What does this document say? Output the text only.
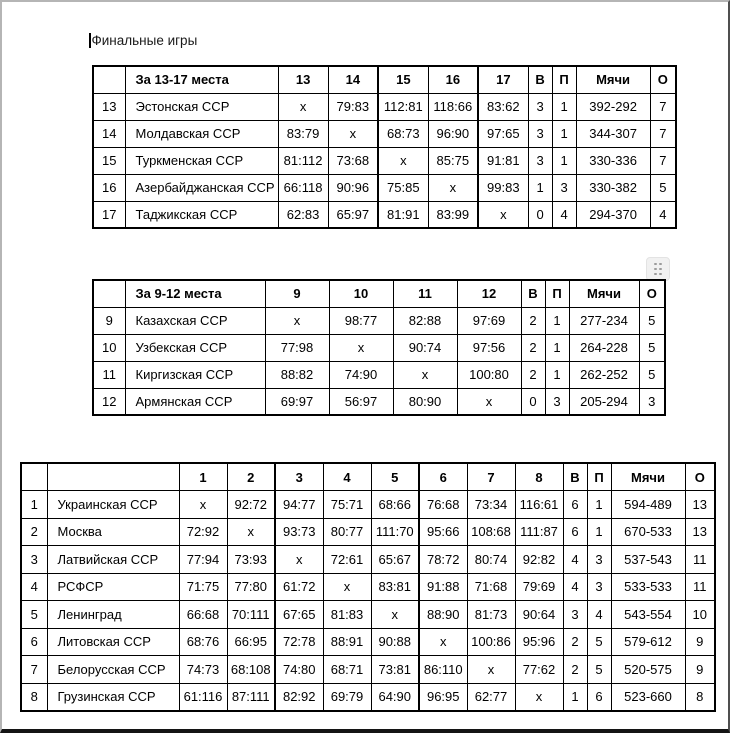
Финальные игры
	За 13-17 места	13	14	15	16	17	В	П	Мячи	О
13	Эстонская ССР	x	79:83	112:81	118:66	83:62	3	1	392-292	7
14	Молдавская ССР	83:79	x	68:73	96:90	97:65	3	1	344-307	7
15	Туркменская ССР	81:112	73:68	x	85:75	91:81	3	1	330-336	7
16	Азербайджанская ССР	66:118	90:96	75:85	x	99:83	1	3	330-382	5
17	Таджикская ССР	62:83	65:97	81:91	83:99	x	0	4	294-370	4
	За 9-12 места	9	10	11	12	В	П	Мячи	О
9	Казахская ССР	x	98:77	82:88	97:69	2	1	277-234	5
10	Узбекская ССР	77:98	x	90:74	97:56	2	1	264-228	5
11	Киргизская ССР	88:82	74:90	x	100:80	2	1	262-252	5
12	Армянская ССР	69:97	56:97	80:90	x	0	3	205-294	3
		1	2	3	4	5	6	7	8	В	П	Мячи	О
1	Украинская ССР	x	92:72	94:77	75:71	68:66	76:68	73:34	116:61	6	1	594-489	13
2	Москва	72:92	x	93:73	80:77	111:70	95:66	108:68	111:87	6	1	670-533	13
3	Латвийская ССР	77:94	73:93	x	72:61	65:67	78:72	80:74	92:82	4	3	537-543	11
4	РСФСР	71:75	77:80	61:72	x	83:81	91:88	71:68	79:69	4	3	533-533	11
5	Ленинград	66:68	70:111	67:65	81:83	x	88:90	81:73	90:64	3	4	543-554	10
6	Литовская ССР	68:76	66:95	72:78	88:91	90:88	x	100:86	95:96	2	5	579-612	9
7	Белорусская ССР	74:73	68:108	74:80	68:71	73:81	86:110	x	77:62	2	5	520-575	9
8	Грузинская ССР	61:116	87:111	82:92	69:79	64:90	96:95	62:77	x	1	6	523-660	8
